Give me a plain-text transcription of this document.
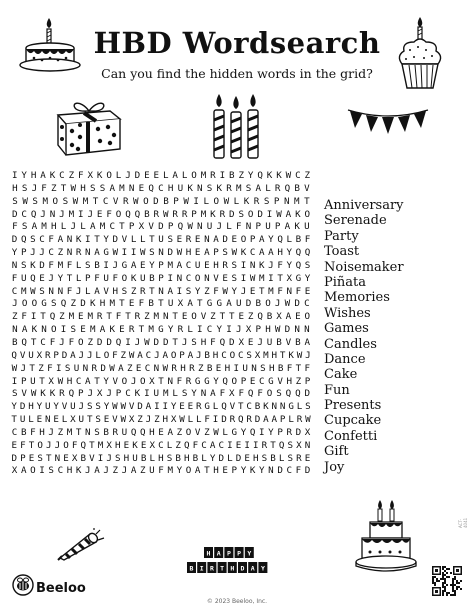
HBD Wordsearch
Can you find the hidden words in the grid?
I Y H A K C Z F X K O L J D E E L A L O M R I B Z Y Q K K W C Z
H S J F Z T W H S S A M N E Q C H U K N S K R M S A L R Q B V
S W S M O S W M T C V R W O D B P W I L O W L K R S P N M T
D C Q J N J M I J E F O Q Q B R W R R P M K R D S O D I W A K O
F S A M H L J L A M C T P X V D P Q W N U J L F N P U P A K U
D Q S C F A N K I T Y D V L L T U S E R E N A D E O P A Y Q L B F
Y P J J C Z N R N A G W I I W S N D W H E A P S W K C A A H Y Q Q
N S K D F M F L S B I J G A E Y P M A C U E H R S I N K J F Y Q S
F U Q E J Y T L P F U F O K U B P I N C O N V E S I W M I T X G Y
C M W S N N F J L A V H S Z R T N A I S Y Z F W Y J E T M F N F E
J O O G S Q Z D K H M T E F B T U X A T G G A U D B O J W D C
Z F I T Q Z M E M R T F T R Z M N T E O V Z T T E Z Q B X A E O
N A K N O I S E M A K E R T M G Y R L I C Y I J X P H W D N N
B Q T C F J F O Z D D Q I J W D D T J S H F Q D X E J U B V B A
Q V U X R P D A J J L O F Z W A C J A O P A J B H C O C S X M H T K W J
W J T Z F I S U N R D W A Z E C N W R H R Z B E H I U N S H B F T F
I P U T X W H C A T Y V O J O X T N F R G G Y Q O P E C G V H Z P
S V W K K R Q P J X J P C K I U M L S Y N A F X F Q F O S Q Q D
Y D H Y U Y V U J S S Y W W V D A I I Y E E R G L Q V T C B K N N G L S
T U L E N E L X U T S E V W X Z J Z H X W L L F I D R Q R D A A P L R W
C B F H J Z M T N S B R U Q Q H E A Z O V Z W L G Y Q I Y P R D X
E F T O J J O F Q T M X H E K E X C L Z Q F C A C I E I I R T Q S X N
D P E S T N E X B V I J S H U B L H S B H B L Y D L D E H S B L S R E
X A O I S C H K J A J Z J A Z U F M Y O A T H E P Y K Y N D C F D
Anniversary
Serenade
Party
Toast
Noisemaker
Piñata
Memories
Wishes
Games
Candles
Dance
Cake
Fun
Presents
Cupcake
Confetti
Gift
Joy
H A P P Y
B I R T H D A Y
Beeloo
© 2023 Beeloo, Inc.
ACT-4041
